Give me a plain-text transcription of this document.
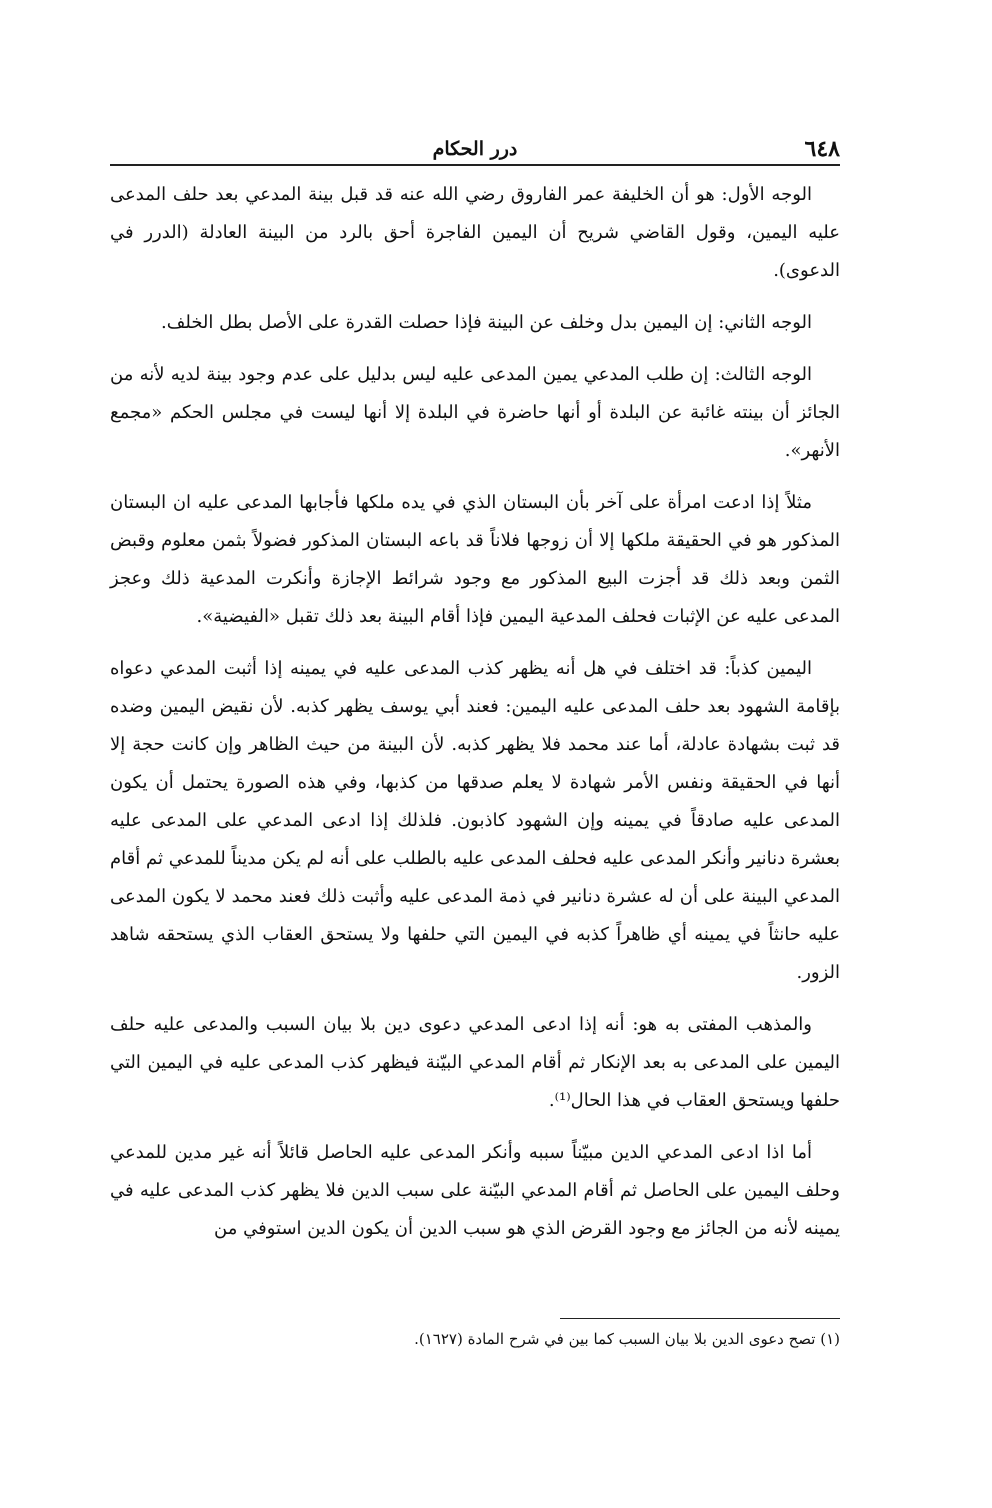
٦٤٨
درر الحكام

الوجه الأول: هو أن الخليفة عمر الفاروق رضي الله عنه قد قبل بينة المدعي بعد حلف المدعى عليه اليمين، وقول القاضي شريح أن اليمين الفاجرة أحق بالرد من البينة العادلة (الدرر في الدعوى).

الوجه الثاني: إن اليمين بدل وخلف عن البينة فإذا حصلت القدرة على الأصل بطل الخلف.

الوجه الثالث: إن طلب المدعي يمين المدعى عليه ليس بدليل على عدم وجود بينة لديه لأنه من الجائز أن بينته غائبة عن البلدة أو أنها حاضرة في البلدة إلا أنها ليست في مجلس الحكم «مجمع الأنهر».

مثلاً إذا ادعت امرأة على آخر بأن البستان الذي في يده ملكها فأجابها المدعى عليه ان البستان المذكور هو في الحقيقة ملكها إلا أن زوجها فلاناً قد باعه البستان المذكور فضولاً بثمن معلوم وقبض الثمن وبعد ذلك قد أجزت البيع المذكور مع وجود شرائط الإجازة وأنكرت المدعية ذلك وعجز المدعى عليه عن الإثبات فحلف المدعية اليمين فإذا أقام البينة بعد ذلك تقبل «الفيضية».

اليمين كذباً: قد اختلف في هل أنه يظهر كذب المدعى عليه في يمينه إذا أثبت المدعي دعواه بإقامة الشهود بعد حلف المدعى عليه اليمين: فعند أبي يوسف يظهر كذبه. لأن نقيض اليمين وضده قد ثبت بشهادة عادلة، أما عند محمد فلا يظهر كذبه. لأن البينة من حيث الظاهر وإن كانت حجة إلا أنها في الحقيقة ونفس الأمر شهادة لا يعلم صدقها من كذبها، وفي هذه الصورة يحتمل أن يكون المدعى عليه صادقاً في يمينه وإن الشهود كاذبون. فلذلك إذا ادعى المدعي على المدعى عليه بعشرة دنانير وأنكر المدعى عليه فحلف المدعى عليه بالطلب على أنه لم يكن مديناً للمدعي ثم أقام المدعي البينة على أن له عشرة دنانير في ذمة المدعى عليه وأثبت ذلك فعند محمد لا يكون المدعى عليه حانثاً في يمينه أي ظاهراً كذبه في اليمين التي حلفها ولا يستحق العقاب الذي يستحقه شاهد الزور.

والمذهب المفتى به هو: أنه إذا ادعى المدعي دعوى دين بلا بيان السبب والمدعى عليه حلف اليمين على المدعى به بعد الإنكار ثم أقام المدعي البيّنة فيظهر كذب المدعى عليه في اليمين التي حلفها ويستحق العقاب في هذا الحال⁽¹⁾.

أما اذا ادعى المدعي الدين مبيّناً سببه وأنكر المدعى عليه الحاصل قائلاً أنه غير مدين للمدعي وحلف اليمين على الحاصل ثم أقام المدعي البيّنة على سبب الدين فلا يظهر كذب المدعى عليه في يمينه لأنه من الجائز مع وجود القرض الذي هو سبب الدين أن يكون الدين استوفي من

(١) تصح دعوى الدين بلا بيان السبب كما بين في شرح المادة (١٦٢٧).
